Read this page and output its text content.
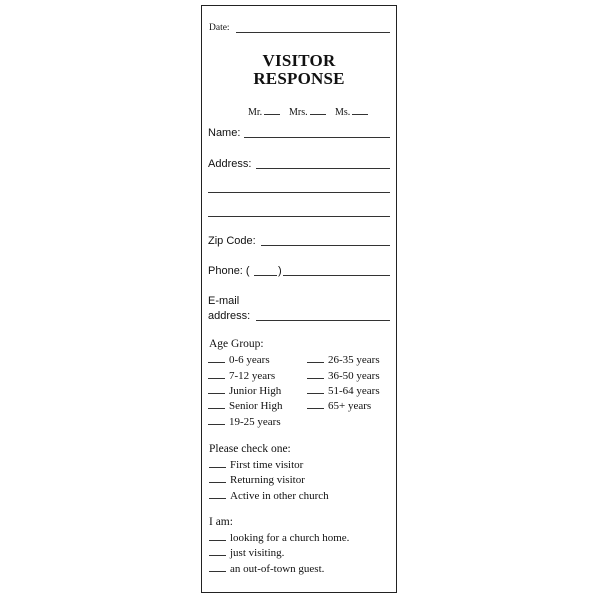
Date:
VISITOR
RESPONSE
Mr.	Mrs.	Ms.
Name:
Address:
Zip Code:
Phone: (	)
E-mail
address:
Age Group:
0-6 years
7-12 years
Junior High
Senior High
19-25 years
26-35 years
36-50 years
51-64 years
65+ years
Please check one:
First time visitor
Returning visitor
Active in other church
I am:
looking for a church home.
just visiting.
an out-of-town guest.
